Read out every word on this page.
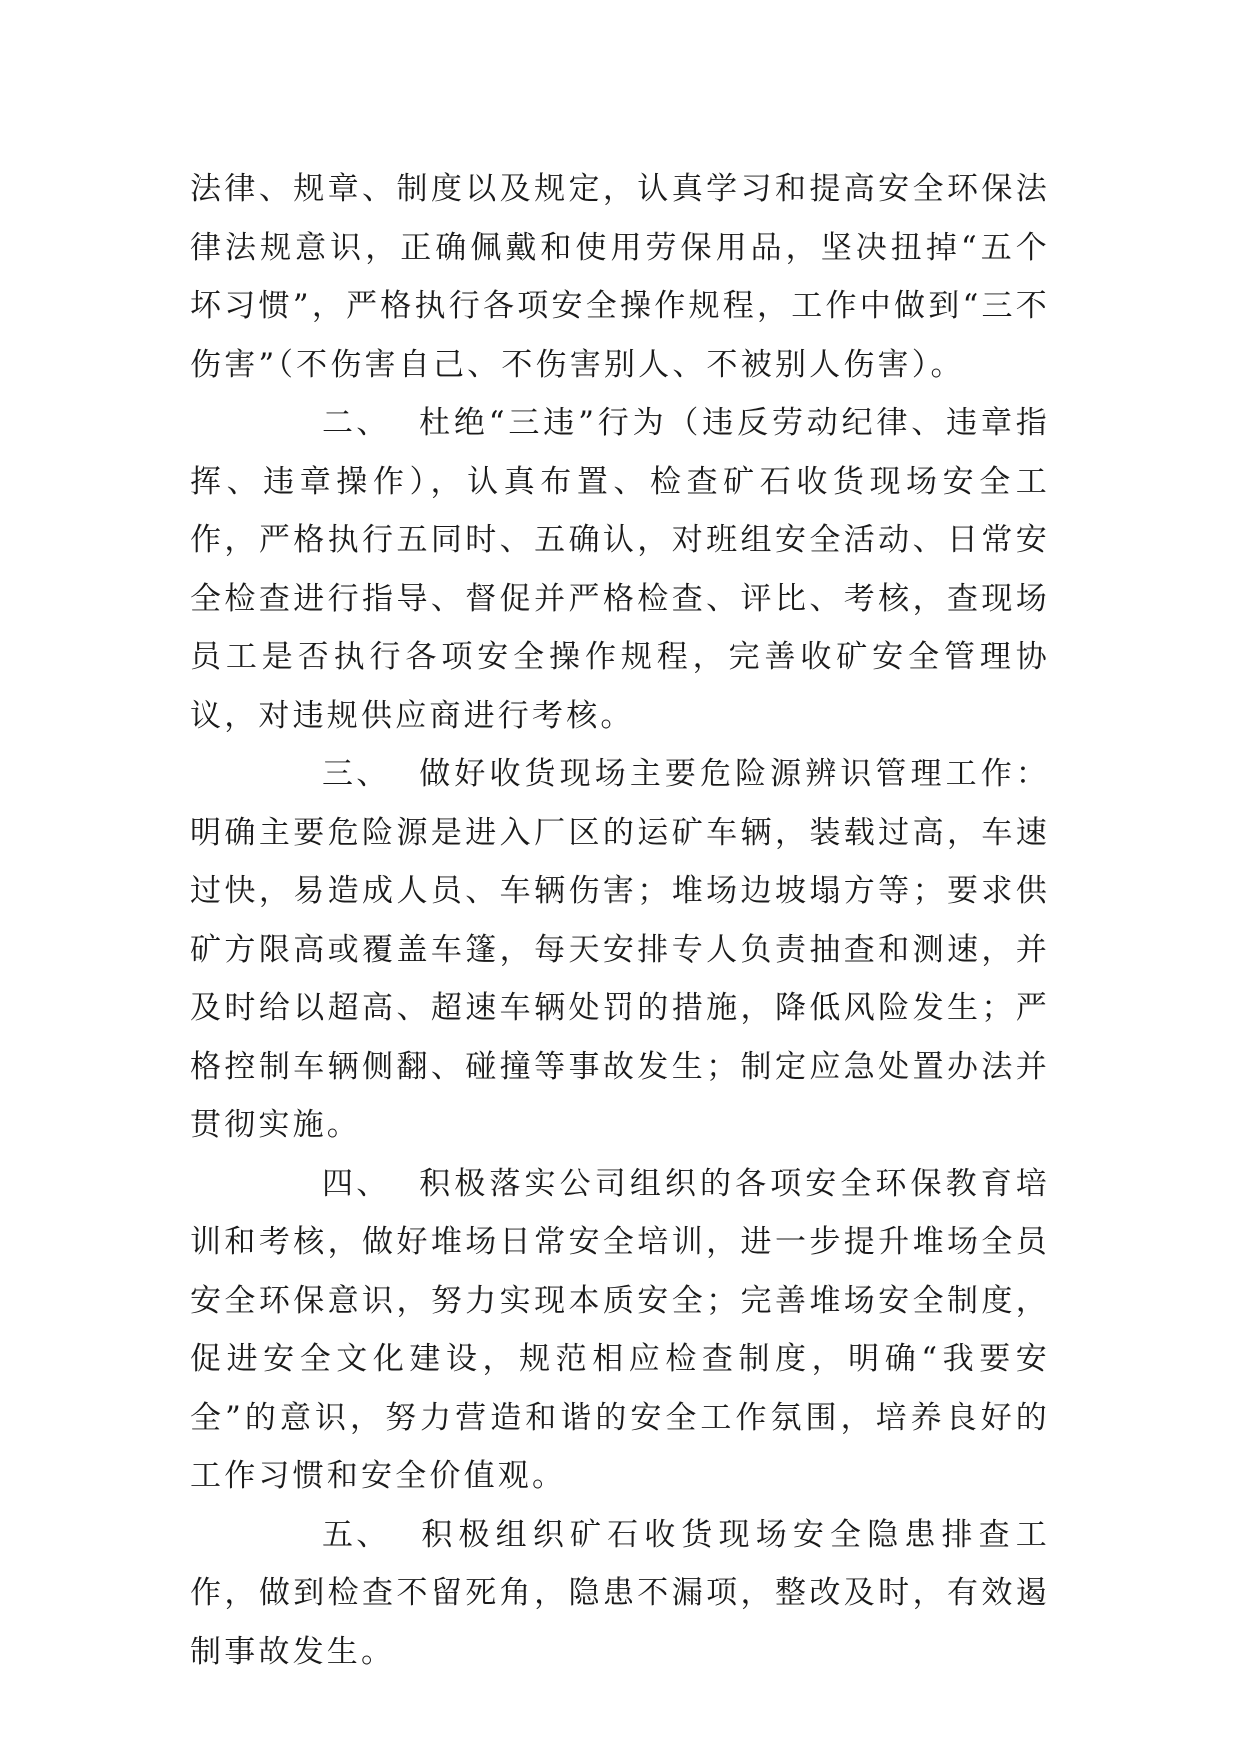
法律、规章、制度以及规定，认真学习和提高安全环保法律法规意识，正确佩戴和使用劳保用品，坚决扭掉“五个坏习惯”，严格执行各项安全操作规程，工作中做到“三不伤害”（不伤害自己、不伤害别人、不被别人伤害）。

二、 杜绝“三违”行为（违反劳动纪律、违章指挥、违章操作），认真布置、检查矿石收货现场安全工作，严格执行五同时、五确认，对班组安全活动、日常安全检查进行指导、督促并严格检查、评比、考核，查现场员工是否执行各项安全操作规程，完善收矿安全管理协议，对违规供应商进行考核。

三、 做好收货现场主要危险源辨识管理工作：明确主要危险源是进入厂区的运矿车辆，装载过高，车速过快，易造成人员、车辆伤害；堆场边坡塌方等；要求供矿方限高或覆盖车篷，每天安排专人负责抽查和测速，并及时给以超高、超速车辆处罚的措施，降低风险发生；严格控制车辆侧翻、碰撞等事故发生；制定应急处置办法并贯彻实施。

四、 积极落实公司组织的各项安全环保教育培训和考核，做好堆场日常安全培训，进一步提升堆场全员安全环保意识，努力实现本质安全；完善堆场安全制度，促进安全文化建设，规范相应检查制度，明确“我要安全”的意识，努力营造和谐的安全工作氛围，培养良好的工作习惯和安全价值观。

五、 积极组织矿石收货现场安全隐患排查工作，做到检查不留死角，隐患不漏项，整改及时，有效遏制事故发生。
